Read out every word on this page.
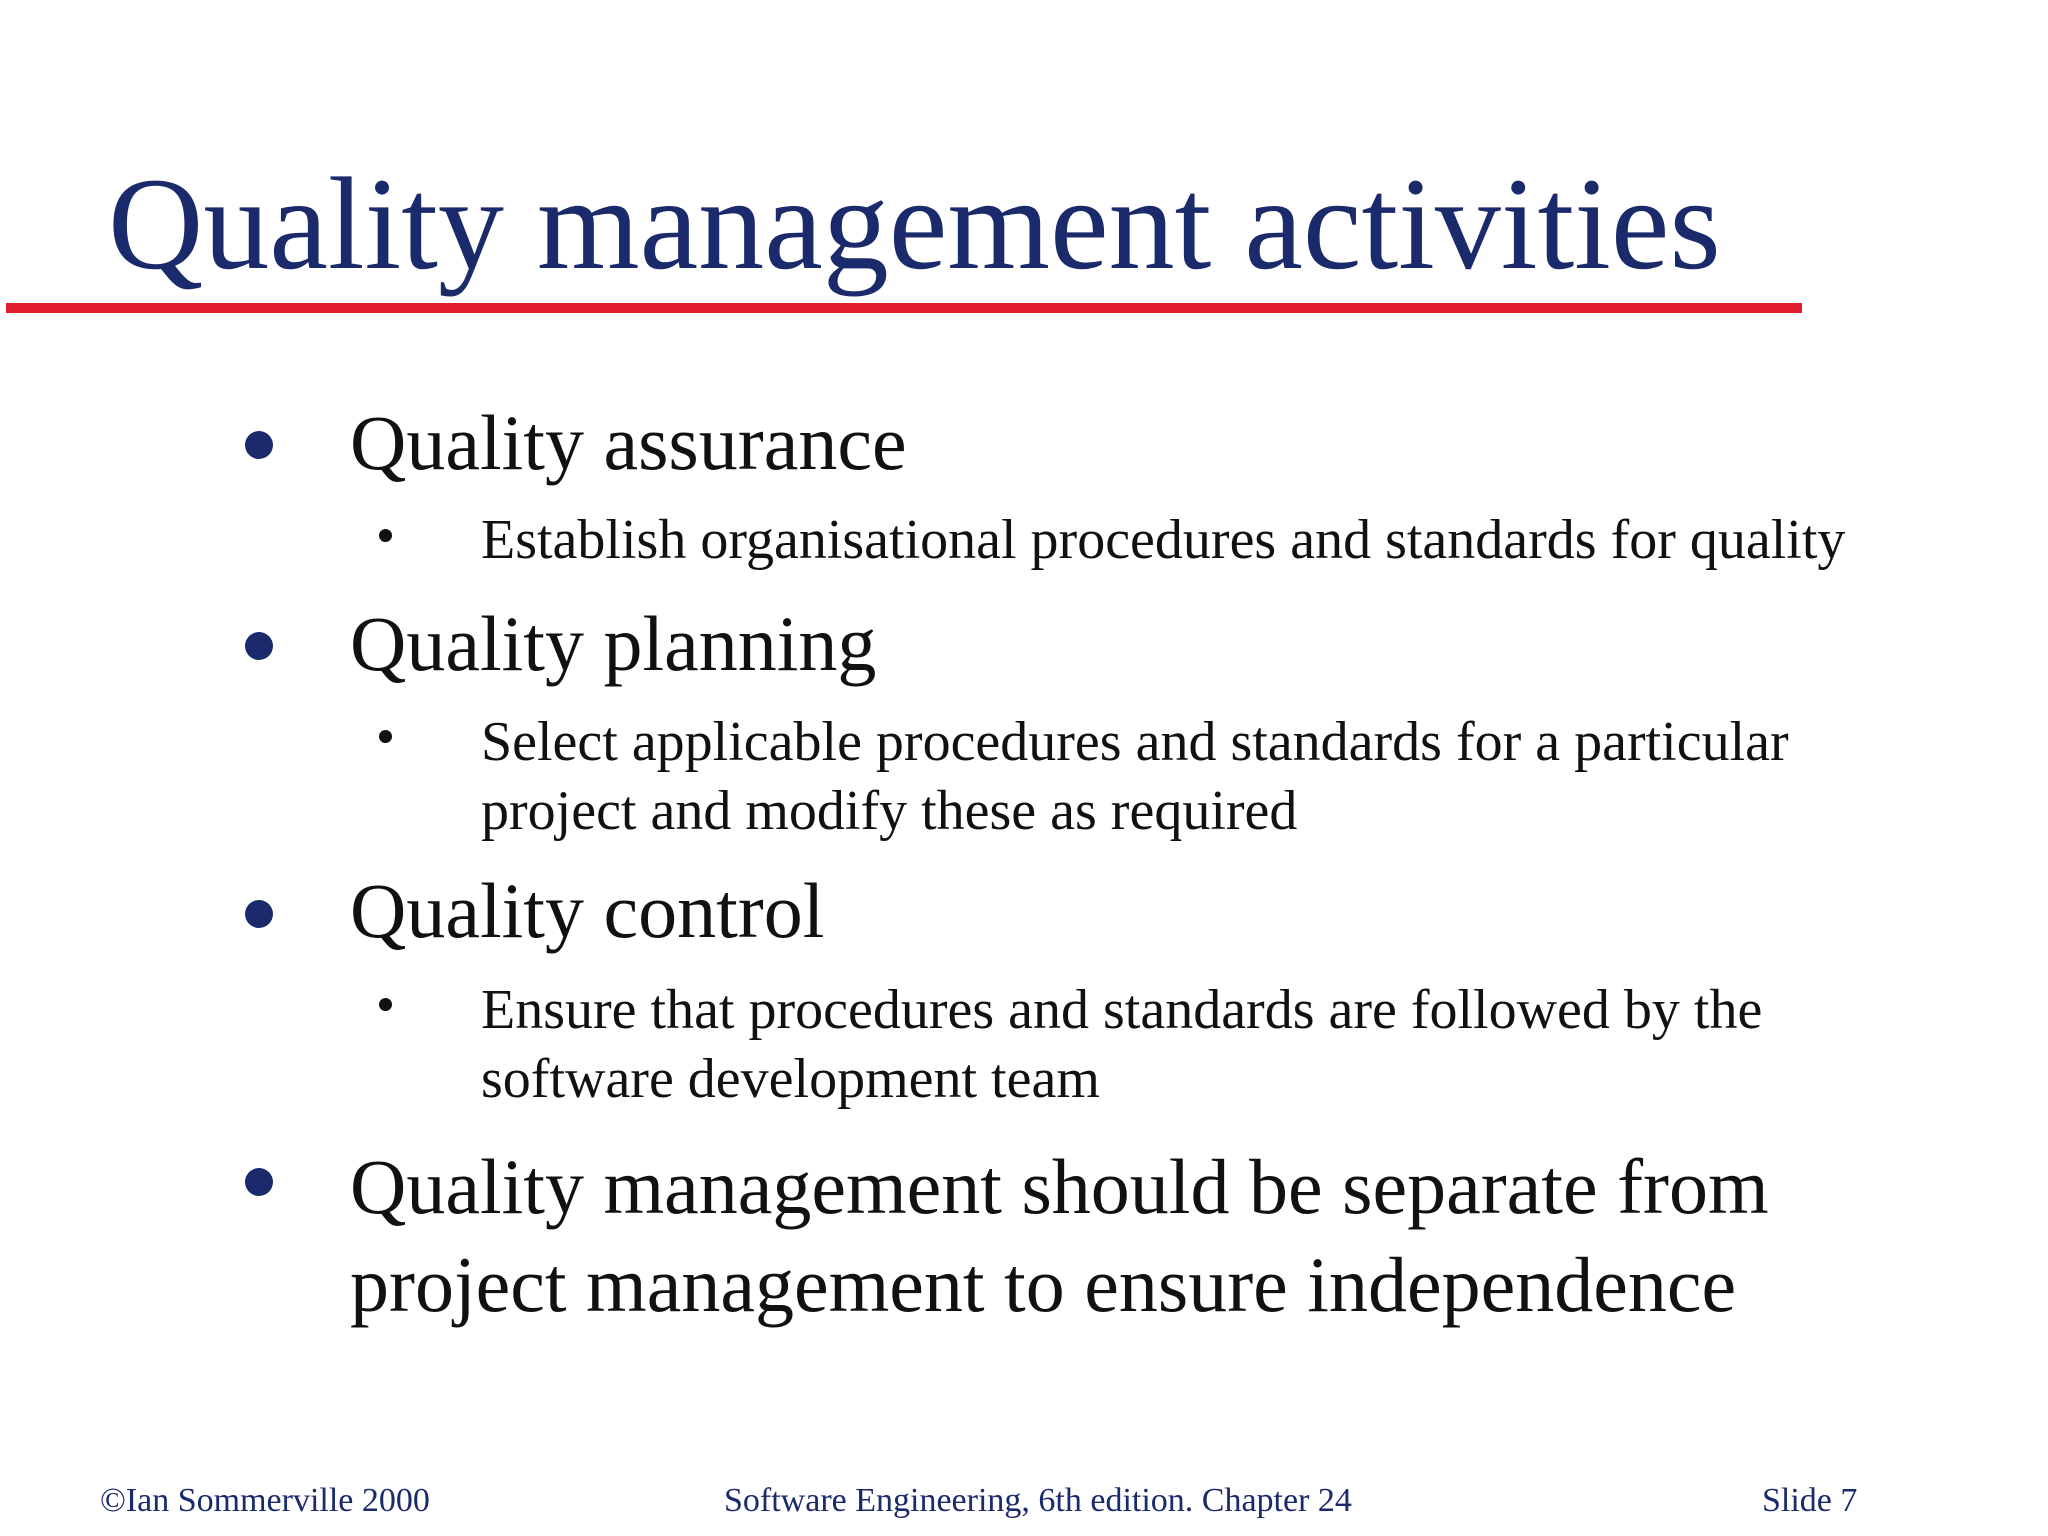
Quality management activities
Quality assurance
Establish organisational procedures and standards for quality
Quality planning
Select applicable procedures and standards for a particular project and modify these as required
Quality control
Ensure that procedures and standards are followed by the software development team
Quality management should be separate from project management to ensure independence
©Ian Sommerville 2000	Software Engineering, 6th edition. Chapter 24	Slide 7
